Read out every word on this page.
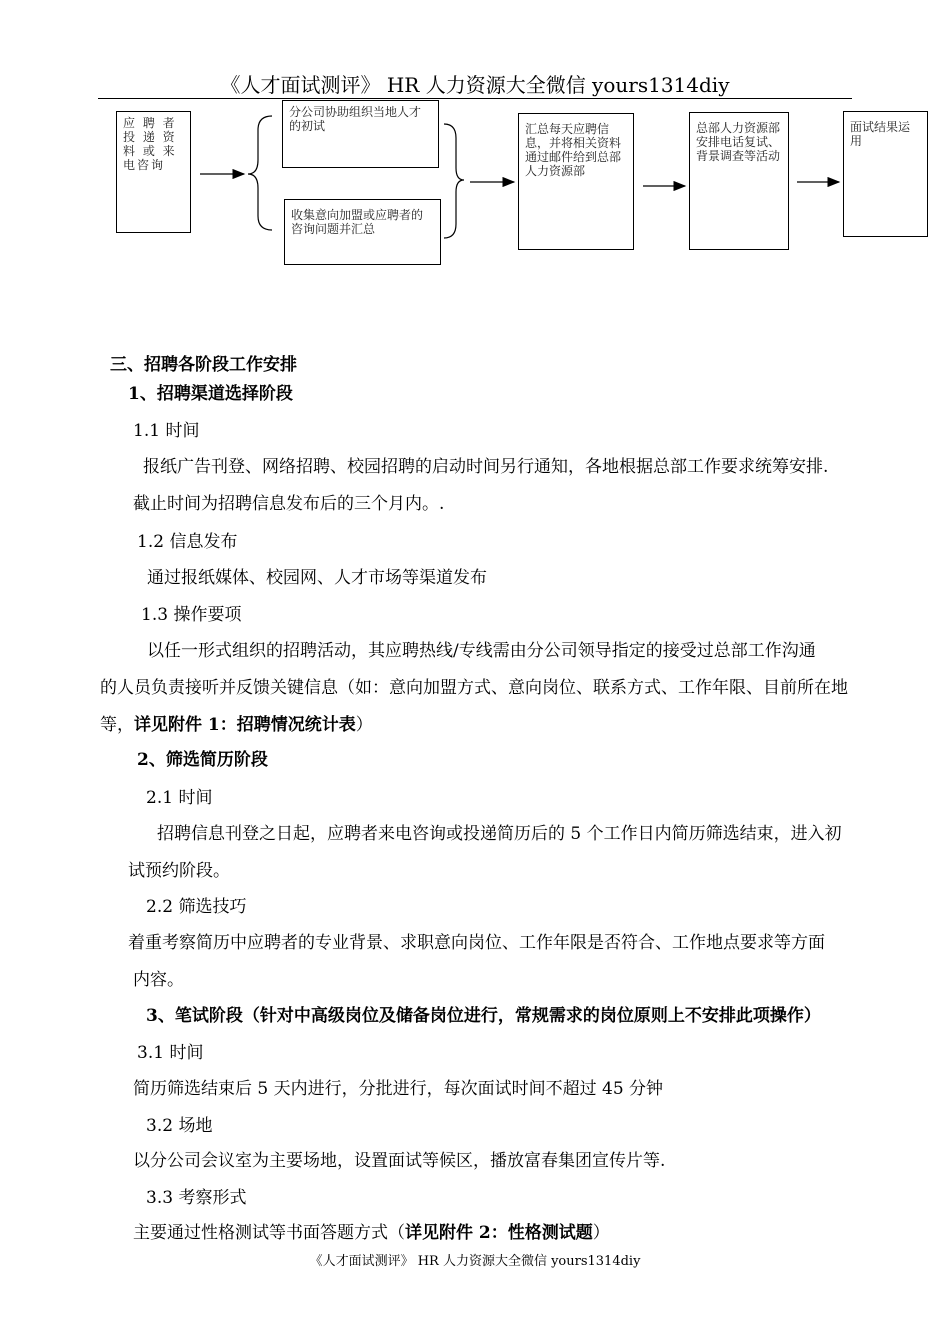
《人才面试测评》 HR 人力资源大全微信 yours1314diy
应 聘 者 投 递 资 料 或 来 电咨询
分公司协助组织当地人才的初试
收集意向加盟或应聘者的咨询问题并汇总
汇总每天应聘信息，并将相关资料通过邮件给到总部人力资源部
总部人力资源部安排电话复试、背景调查等活动
面试结果运用
三、招聘各阶段工作安排
1、招聘渠道选择阶段
1.1 时间
报纸广告刊登、网络招聘、校园招聘的启动时间另行通知，各地根据总部工作要求统筹安排.
截止时间为招聘信息发布后的三个月内。.
1.2 信息发布
通过报纸媒体、校园网、人才市场等渠道发布
1.3 操作要项
以任一形式组织的招聘活动，其应聘热线/专线需由分公司领导指定的接受过总部工作沟通
的人员负责接听并反馈关键信息（如：意向加盟方式、意向岗位、联系方式、工作年限、目前所在地
等，详见附件 1：招聘情况统计表）
2、筛选简历阶段
2.1 时间
招聘信息刊登之日起，应聘者来电咨询或投递简历后的 5 个工作日内简历筛选结束，进入初
试预约阶段。
2.2 筛选技巧
着重考察简历中应聘者的专业背景、求职意向岗位、工作年限是否符合、工作地点要求等方面
内容。
3、笔试阶段（针对中高级岗位及储备岗位进行，常规需求的岗位原则上不安排此项操作）
3.1 时间
简历筛选结束后 5 天内进行，分批进行，每次面试时间不超过 45 分钟
3.2 场地
以分公司会议室为主要场地，设置面试等候区，播放富春集团宣传片等.
3.3 考察形式
主要通过性格测试等书面答题方式（详见附件 2：性格测试题）
《人才面试测评》 HR 人力资源大全微信 yours1314diy
